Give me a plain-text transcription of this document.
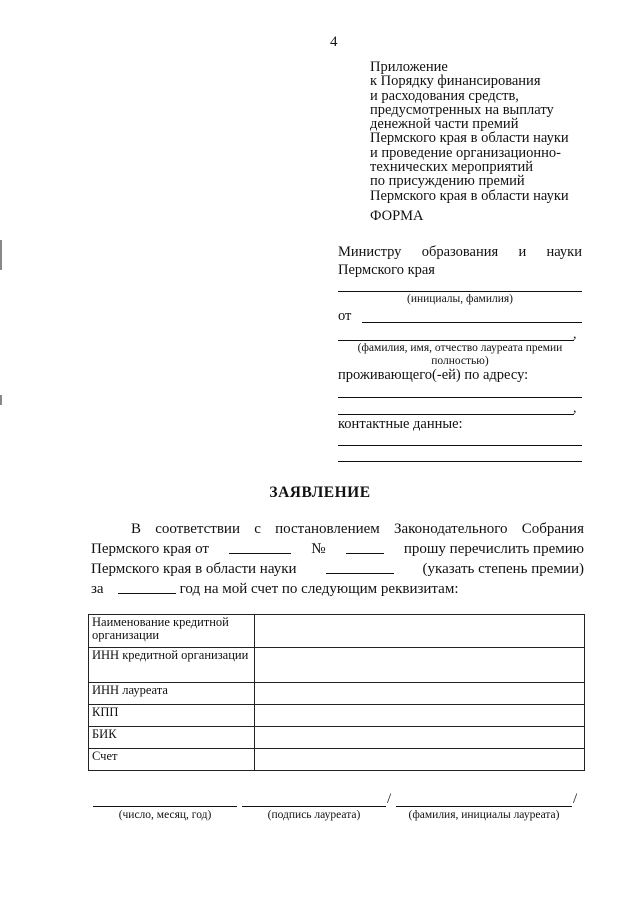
4
Приложение
к Порядку финансирования
и расходования средств,
предусмотренных на выплату
денежной части премий
Пермского края в области науки
и проведение организационно-
технических мероприятий
по присуждению премий
Пермского края в области науки
ФОРМА
Министру образования и науки
Пермского края
(инициалы, фамилия)
от
,
(фамилия, имя, отчество лауреата премии полностью)
проживающего(-ей) по адресу:
,
контактные данные:
ЗАЯВЛЕНИЕ
В соответствии с постановлением Законодательного Собрания
Пермского края от	№	прошу перечислить премию
Пермского края в области науки	(указать степень премии)
за	год на мой счет по следующим реквизитам:
Наименование кредитной организации	
ИНН кредитной организации	
ИНН лауреата	
КПП	
БИК	
Счет	
/	/
(число, месяц, год)	(подпись лауреата)	(фамилия, инициалы лауреата)
